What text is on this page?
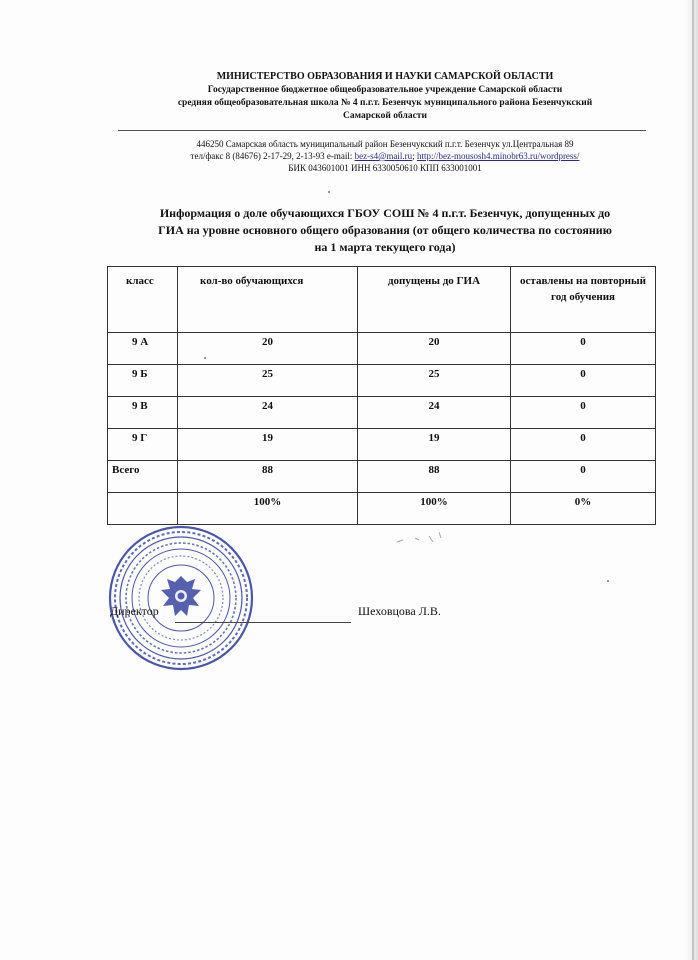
МИНИСТЕРСТВО ОБРАЗОВАНИЯ И НАУКИ САМАРСКОЙ ОБЛАСТИ
Государственное бюджетное общеобразовательное учреждение Самарской области
средняя общеобразовательная школа № 4 п.г.т. Безенчук муниципального района Безенчукский
Самарской области
446250 Самарская область муниципальный район Безенчукский п.г.т. Безенчук ул.Центральная 89
тел/факс 8 (84676) 2-17-29, 2-13-93 e-mail: bez-s4@mail.ru; http://bez-mousosh4.minobr63.ru/wordpress/
БИК 043601001 ИНН 6330050610 КПП 633001001
Информация о доле обучающихся ГБОУ СОШ № 4 п.г.т. Безенчук, допущенных до
ГИА на уровне основного общего образования (от общего количества по состоянию
на 1 марта текущего года)
класс	кол-во обучающихся	допущены до ГИА	оставлены на повторный год обучения
9 А	20	20	0
9 Б	25	25	0
9 В	24	24	0
9 Г	19	19	0
Всего	88	88	0
	100%	100%	0%
Директор	Шеховцова Л.В.
